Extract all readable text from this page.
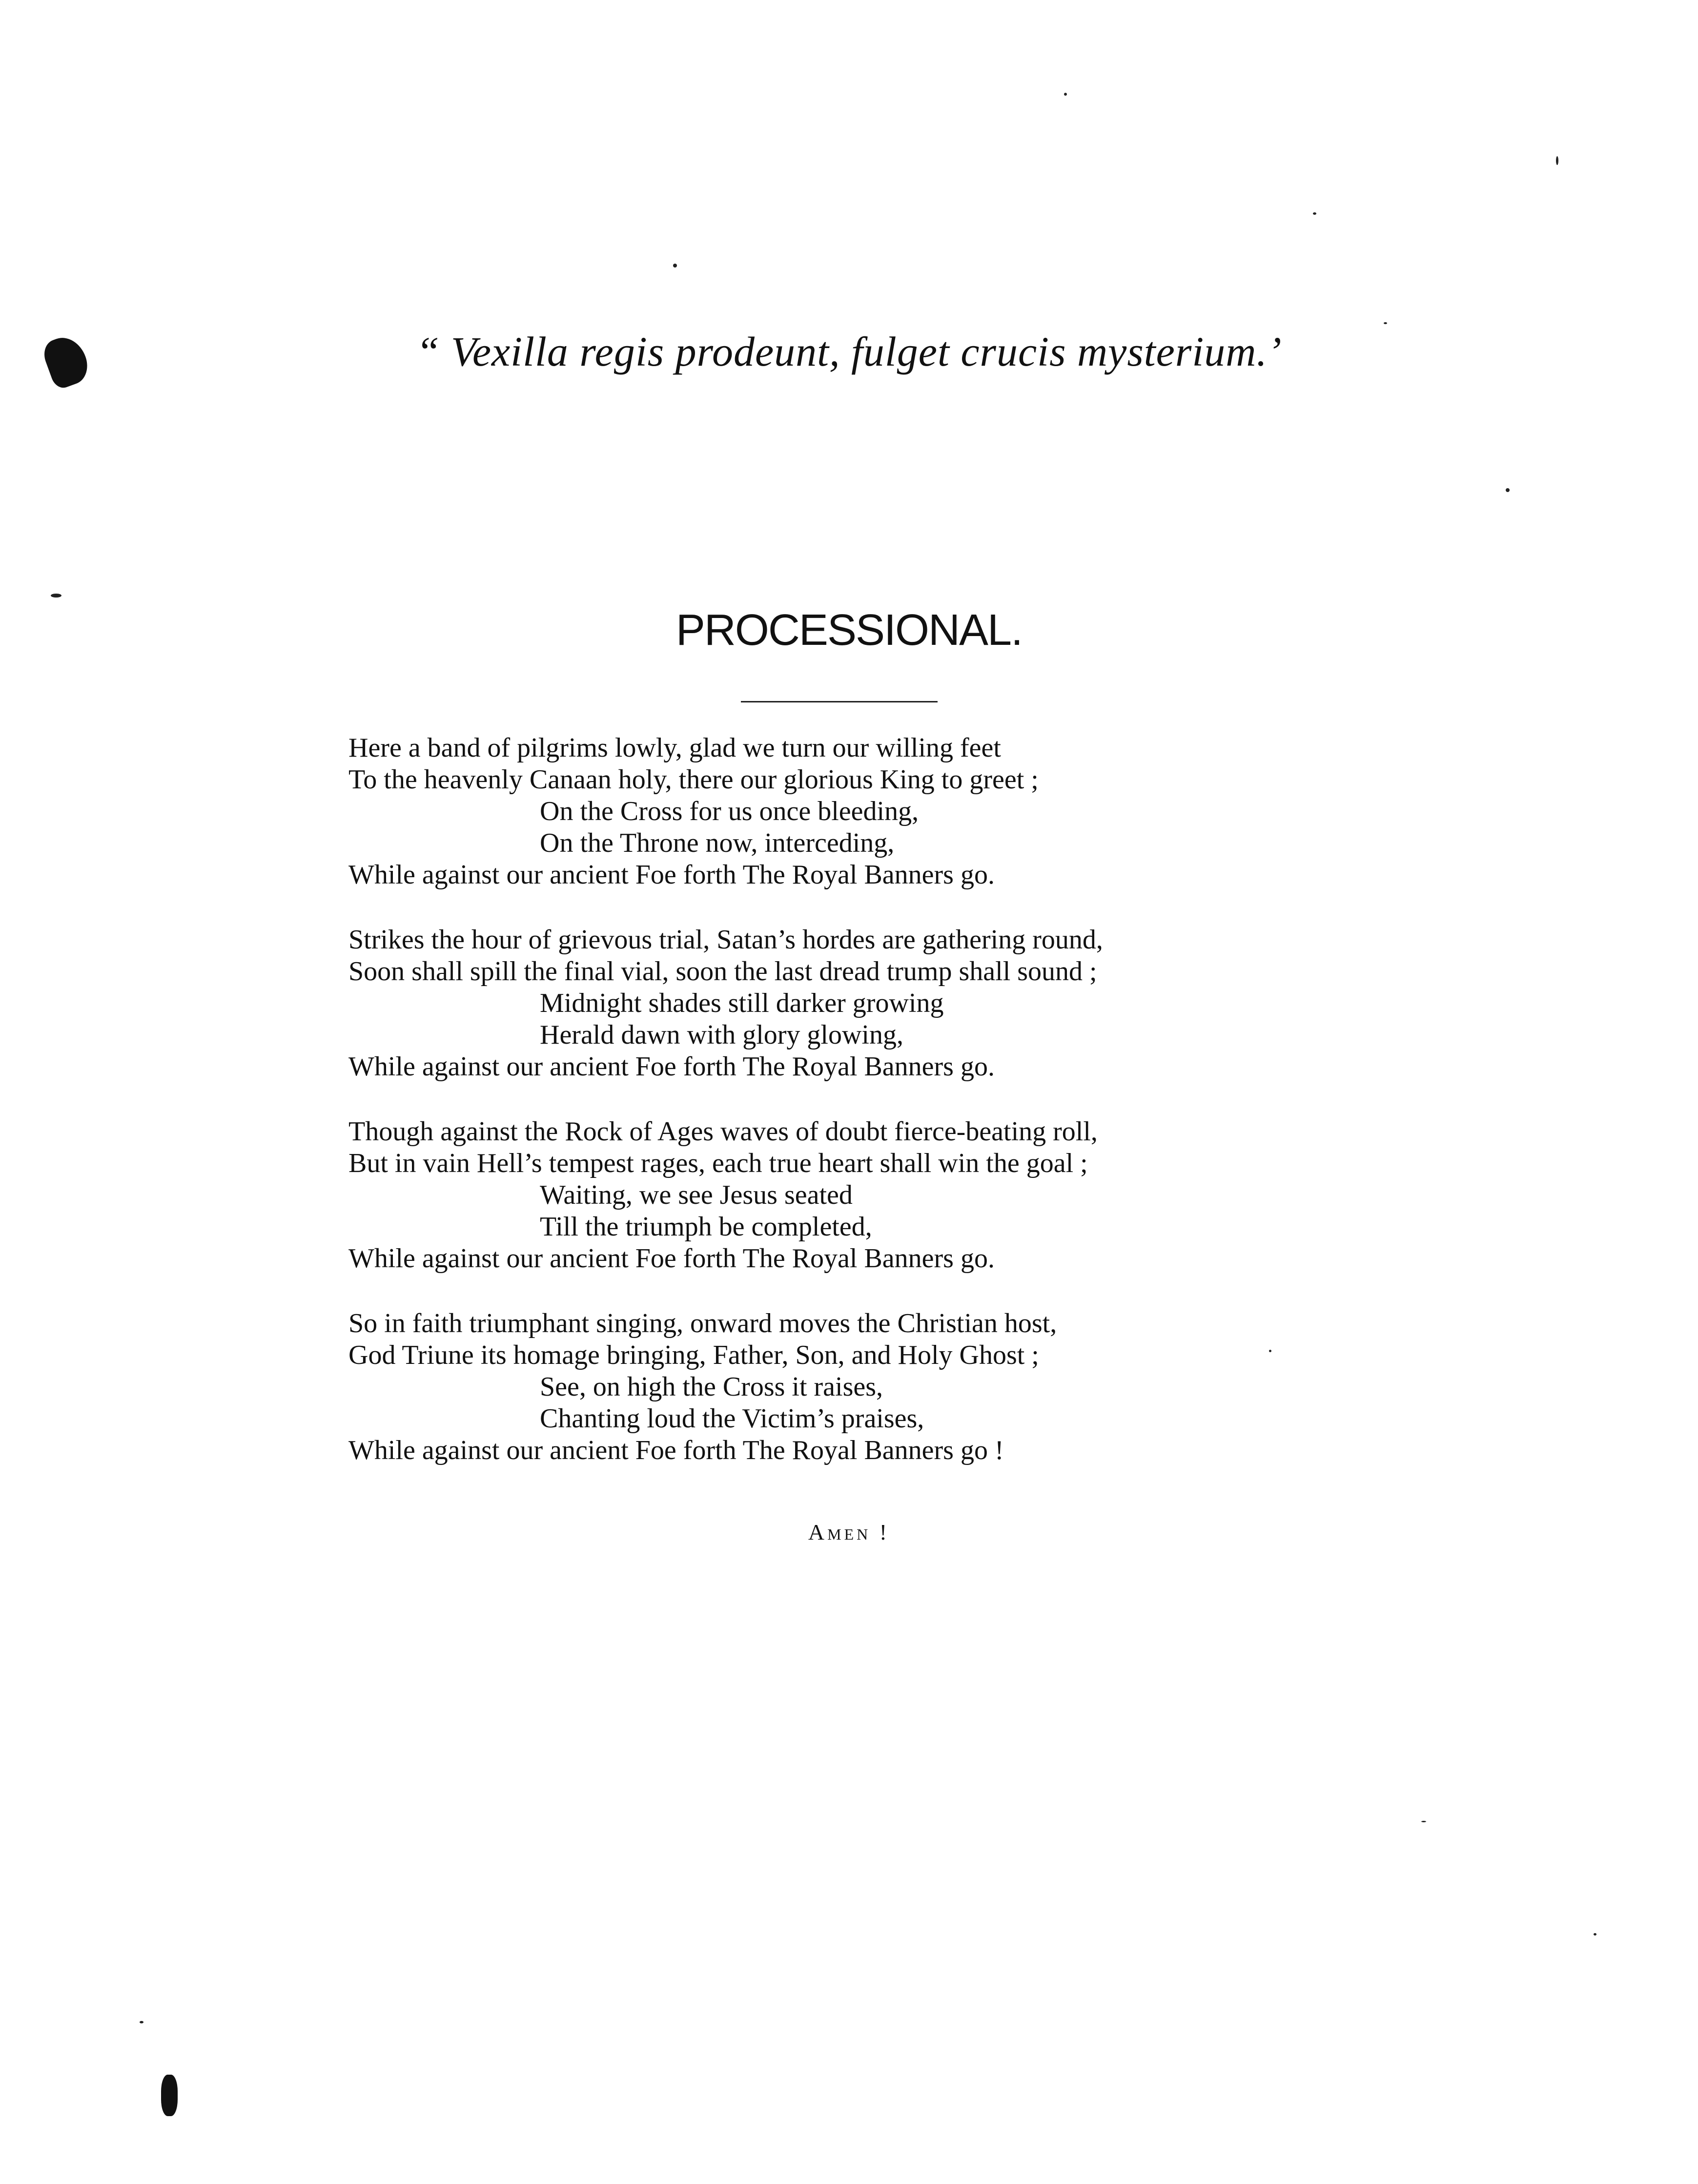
“ Vexilla regis prodeunt, fulget crucis mysterium.’
PROCESSIONAL.
Here a band of pilgrims lowly, glad we turn our willing feet
To the heavenly Canaan holy, there our glorious King to greet ;
On the Cross for us once bleeding,
On the Throne now, interceding,
While against our ancient Foe forth The Royal Banners go.
Strikes the hour of grievous trial, Satan’s hordes are gathering round,
Soon shall spill the final vial, soon the last dread trump shall sound ;
Midnight shades still darker growing
Herald dawn with glory glowing,
While against our ancient Foe forth The Royal Banners go.
Though against the Rock of Ages waves of doubt fierce-beating roll,
But in vain Hell’s tempest rages, each true heart shall win the goal ;
Waiting, we see Jesus seated
Till the triumph be completed,
While against our ancient Foe forth The Royal Banners go.
So in faith triumphant singing, onward moves the Christian host,
God Triune its homage bringing, Father, Son, and Holy Ghost ;
See, on high the Cross it raises,
Chanting loud the Victim’s praises,
While against our ancient Foe forth The Royal Banners go !
Amen !
